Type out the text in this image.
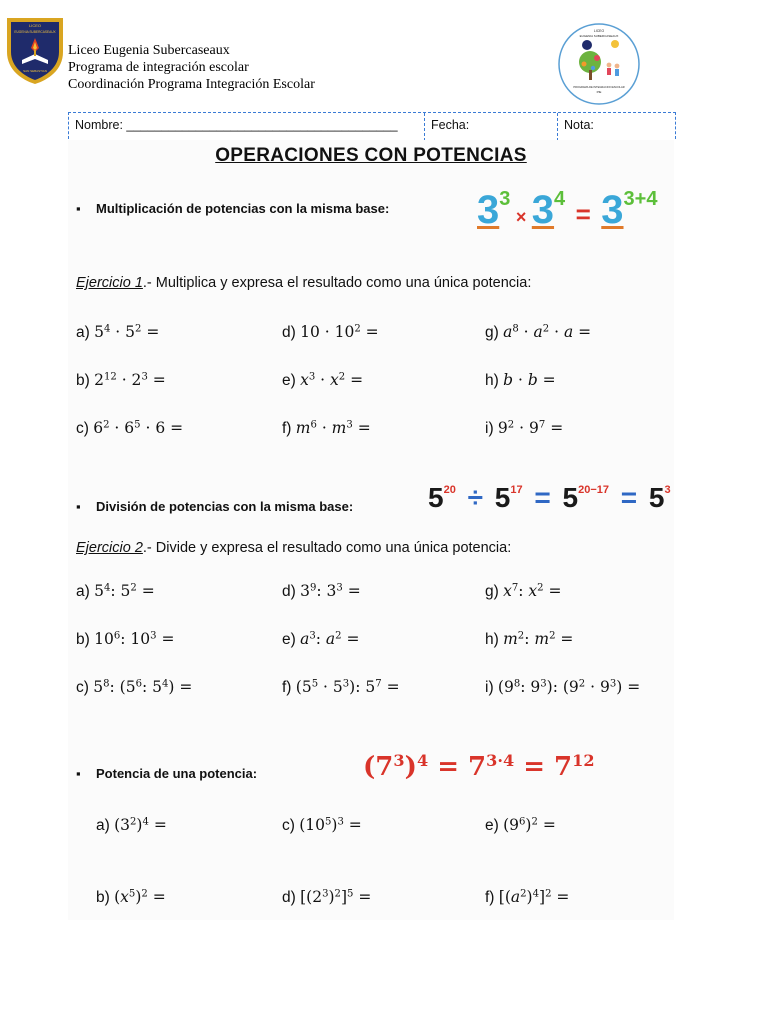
LICEO
EUGENIA SUBERCASEAUX
SAN SEBASTIAN
Liceo Eugenia Subercaseaux
Programa de integración escolar
Coordinación Programa Integración Escolar
LICEO
EUGENIA SUBERCASEAUX
PROGRAMA DE INTEGRACION ESCOLAR
PIE
Nombre: _______________________________________	Fecha:	Nota:
OPERACIONES CON POTENCIAS
▪ Multiplicación de potencias con la misma base: 33 × 34 = 33+4
Ejercicio 1.- Multiplica y expresa el resultado como una única potencia:
a) $5^4 \cdot 5^2$ =	d) $10 \cdot 10^2$ =	g) $a^8 \cdot a^2 \cdot a$ =
b) $2^{12} \cdot 2^3$ =	e) $x^3 \cdot x^2$ =	h) b · b =
c) $6^2 \cdot 6^5 \cdot 6$ =	f) $m^6 \cdot m^3$ =	i) $9^2 \cdot 9^7$ =
▪ División de potencias con la misma base:	$5^{20} \div 5^{17} = 5^{20-17} = 5^3$
Ejercicio 2.- Divide y expresa el resultado como una única potencia:
a) $5^4$: $5^2$ =	d) $3^9$: $3^3$ =	g) $x^7$: $x^2$ =
b) $10^6$: $10^3$ =	e) $a^3$: $a^2$ =	h) $m^2$: $m^2$ =
c) $5^8$: ($5^6$: $5^4$) =	f) $(5^5 \cdot 5^3)$: $5^7$ =	i) ($9^8$: $9^3$): $(9^2 \cdot 9^3)$ =
▪ Potencia de una potencia:	$(7^3)^4 = 7^{3\cdot 4} = 7^{12}$
a) $(3^2)^4$ =	c) $(10^5)^3$ =	e) $(9^6)^2$ =
b) $(x^5)^2$ =	d) $[(2^3)^2]^5$ =	f) $[(a^2)^4]^2$ =
